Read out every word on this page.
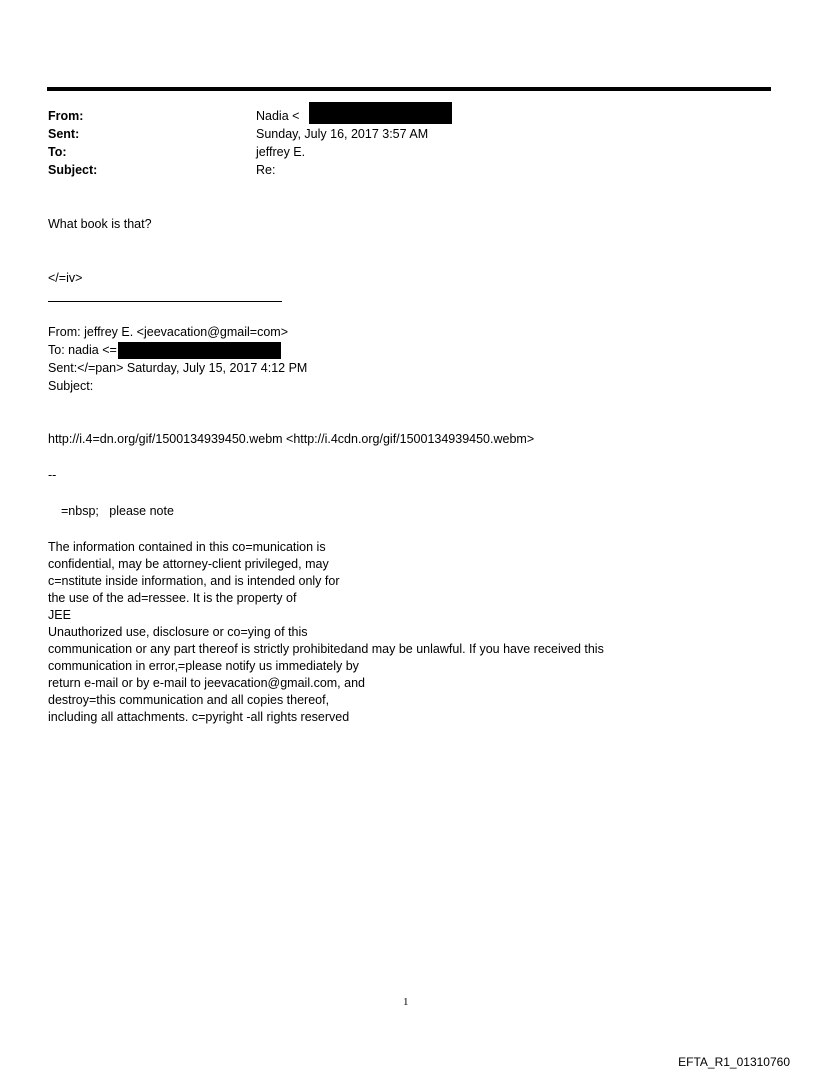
From:	Nadia <
Sent:	Sunday, July 16, 2017 3:57 AM
To:	jeffrey E.
Subject:	Re:
What book is that?
</=iv>
From: jeffrey E. <jeevacation@gmail=com>
To: nadia <=
Sent:</=pan> Saturday, July 15, 2017 4:12 PM
Subject:
http://i.4=dn.org/gif/1500134939450.webm <http://i.4cdn.org/gif/1500134939450.webm>
--
=nbsp;   please note
The information contained in this co=munication is
confidential, may be attorney-client privileged, may
c=nstitute inside information, and is intended only for
the use of the ad=ressee. It is the property of
JEE
Unauthorized use, disclosure or co=ying of this
communication or any part thereof is strictly prohibitedand may be unlawful. If you have received this
communication in error,=please notify us immediately by
return e-mail or by e-mail to jeevacation@gmail.com, and
destroy=this communication and all copies thereof,
including all attachments. c=pyright -all rights reserved
1
EFTA_R1_01310760
